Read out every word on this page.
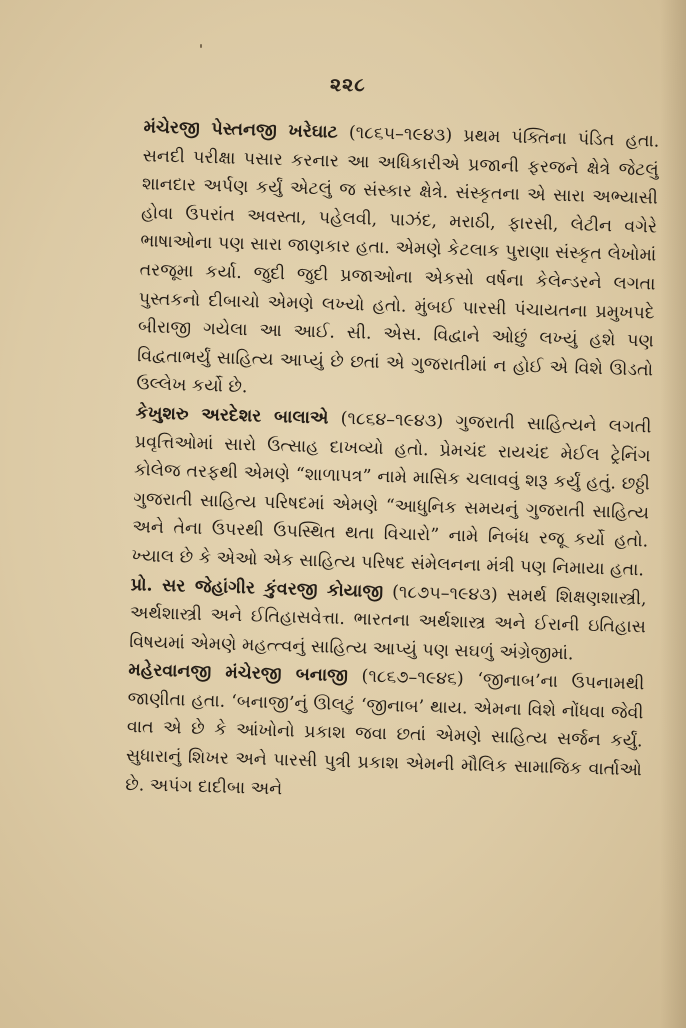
૨૨૮

મંચેરજી પેસ્તનજી ખરેઘાટ (૧૮૬૫–૧૯૪૩) પ્રથમ પંક્તિના પંડિત હતા. સનદી પરીક્ષા પસાર કરનાર આ અધિકારીએ પ્રજાની ફરજને ક્ષેત્રે જેટલું શાનદાર અર્પણ કર્યું એટલું જ સંસ્કાર ક્ષેત્રે. સંસ્કૃતના એ સારા અભ્યાસી હોવા ઉપરાંત અવસ્તા, પહેલવી, પાઝંદ, મરાઠી, ફારસી, લેટીન વગેરે ભાષાઓના પણ સારા જાણકાર હતા. એમણે કેટલાક પુરાણા સંસ્કૃત લેખોમાં તરજૂમા કર્યા. જુદી જુદી પ્રજાઓના એકસો વર્ષના કેલેન્ડરને લગતા પુસ્તકનો દીબાચો એમણે લખ્યો હતો. મુંબઈ પારસી પંચાયતના પ્રમુખપદે બીરાજી ગયેલા આ આઈ. સી. એસ. વિદ્વાને ઓછું લખ્યું હશે પણ વિદ્વતાભર્યું સાહિત્ય આપ્યું છે છતાં એ ગુજરાતીમાં ન હોઈ એ વિશે ઊડતો ઉલ્લેખ કર્યો છે.

કેખુશરુ અરદેશર બાલાએ (૧૮૬૪–૧૯૪૩) ગુજરાતી સાહિત્યને લગતી પ્રવૃત્તિઓમાં સારો ઉત્સાહ દાખવ્યો હતો. પ્રેમચંદ રાયચંદ મેઈલ ટ્રેનિંગ કોલેજ તરફથી એમણે “શાળાપત્ર” નામે માસિક ચલાવવું શરૂ કર્યું હતું. છઠ્ઠી ગુજરાતી સાહિત્ય પરિષદમાં એમણે “આધુનિક સમયનું ગુજરાતી સાહિત્ય અને તેના ઉપરથી ઉપસ્થિત થતા વિચારો” નામે નિબંધ રજૂ કર્યો હતો. ખ્યાલ છે કે એઓ એક સાહિત્ય પરિષદ સંમેલનના મંત્રી પણ નિમાયા હતા.

પ્રો. સર જેહાંગીર કુંવરજી કોયાજી (૧૮૭૫–૧૯૪૩) સમર્થ શિક્ષણશાસ્ત્રી, અર્થશાસ્ત્રી અને ઈતિહાસવેત્તા. ભારતના અર્થશાસ્ત્ર અને ઈરાની ઇતિહાસ વિષયમાં એમણે મહત્ત્વનું સાહિત્ય આપ્યું પણ સઘળું અંગ્રેજીમાં.

મહેરવાનજી મંચેરજી બનાજી (૧૮૬૭–૧૯૪૬) ‘જીનાબ’ના ઉપનામથી જાણીતા હતા. ‘બનાજી’નું ઊલટું ‘જીનાબ’ થાય. એમના વિશે નોંધવા જેવી વાત એ છે કે આંખોનો પ્રકાશ જવા છતાં એમણે સાહિત્ય સર્જન કર્યું. સુધારાનું શિખર અને પારસી પુત્રી પ્રકાશ એમની મૌલિક સામાજિક વાર્તાઓ છે. અપંગ દાદીબા અને
